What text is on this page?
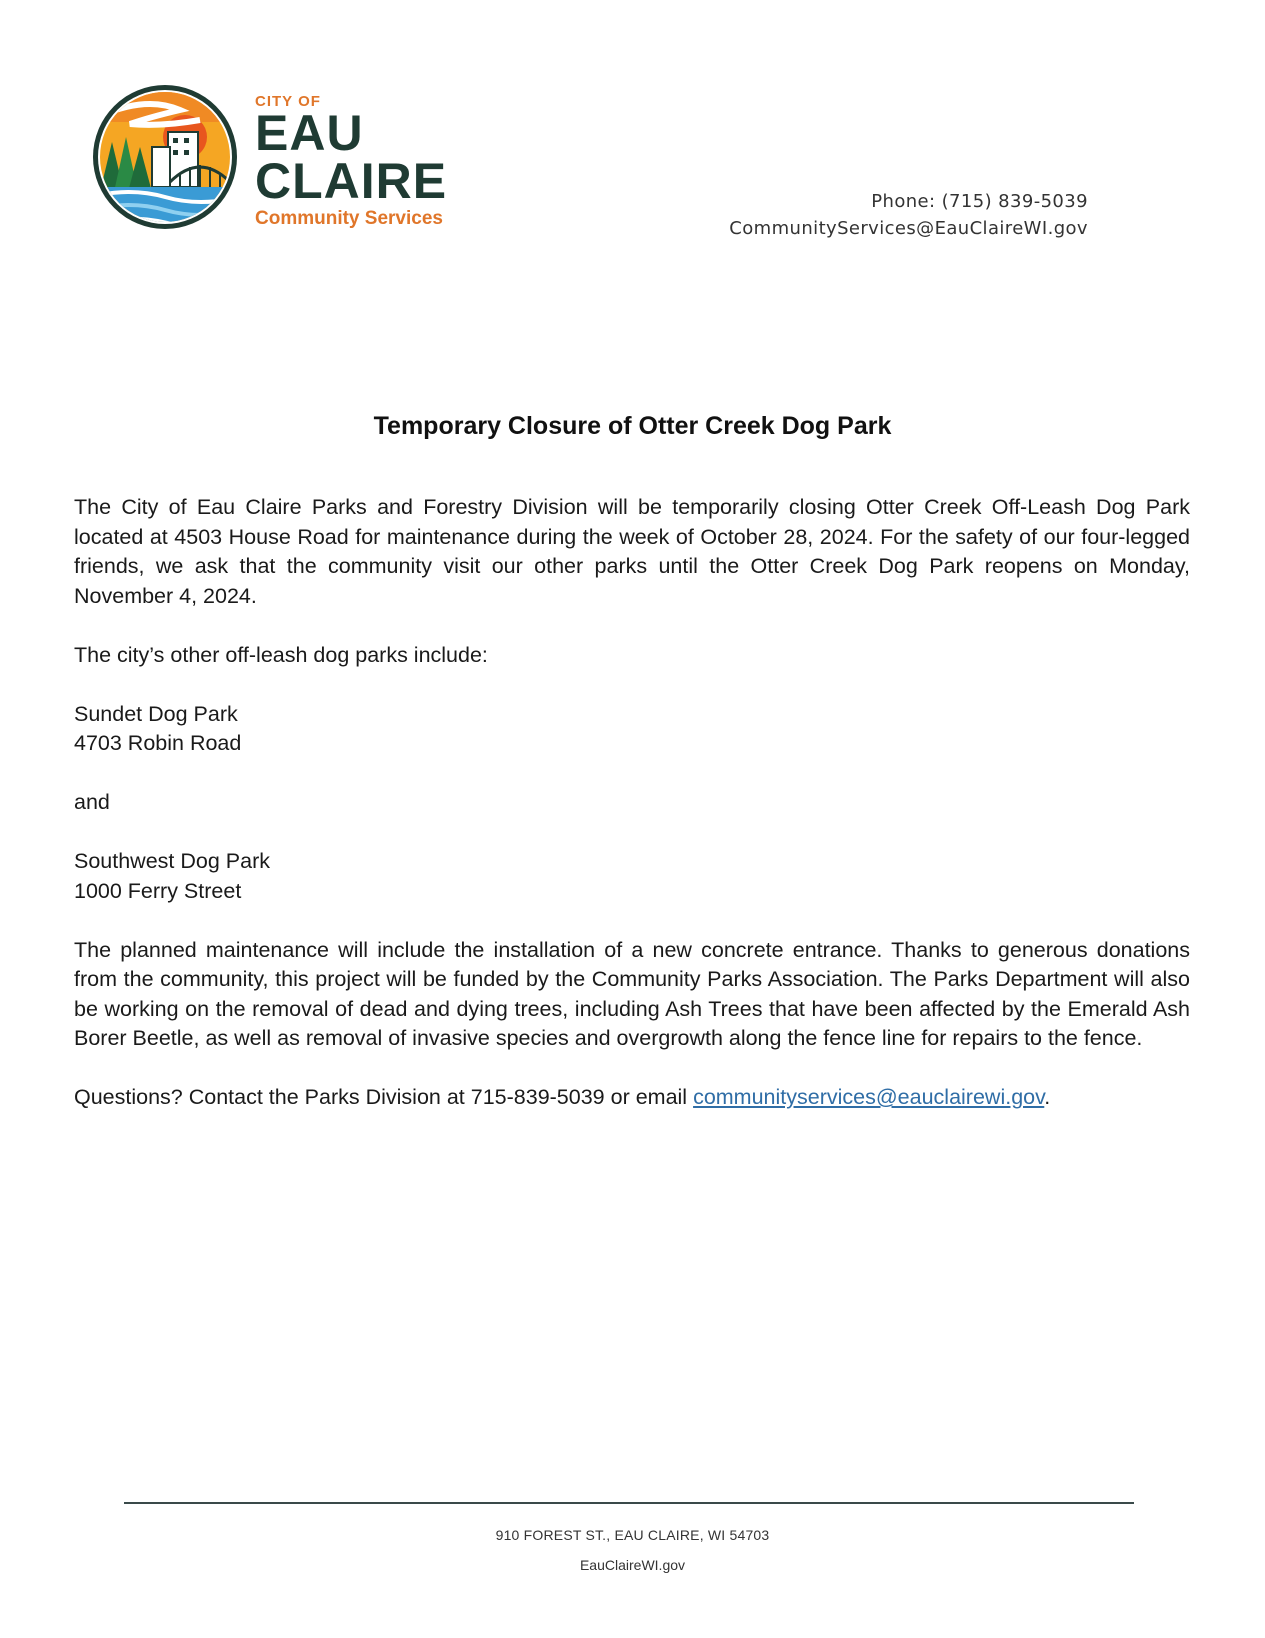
CITY OF
EAU
CLAIRE
Community Services
Phone: (715) 839-5039
CommunityServices@EauClaireWI.gov
Temporary Closure of Otter Creek Dog Park

The City of Eau Claire Parks and Forestry Division will be temporarily closing Otter Creek Off-Leash Dog Park located at 4503 House Road for maintenance during the week of October 28, 2024. For the safety of our four-legged friends, we ask that the community visit our other parks until the Otter Creek Dog Park reopens on Monday, November 4, 2024.

The city’s other off-leash dog parks include:

Sundet Dog Park
4703 Robin Road

and

Southwest Dog Park
1000 Ferry Street

The planned maintenance will include the installation of a new concrete entrance. Thanks to generous donations from the community, this project will be funded by the Community Parks Association. The Parks Department will also be working on the removal of dead and dying trees, including Ash Trees that have been affected by the Emerald Ash Borer Beetle, as well as removal of invasive species and overgrowth along the fence line for repairs to the fence.

Questions? Contact the Parks Division at 715-839-5039 or email communityservices@eauclairewi.gov.

910 FOREST ST., EAU CLAIRE, WI 54703
EauClaireWI.gov
